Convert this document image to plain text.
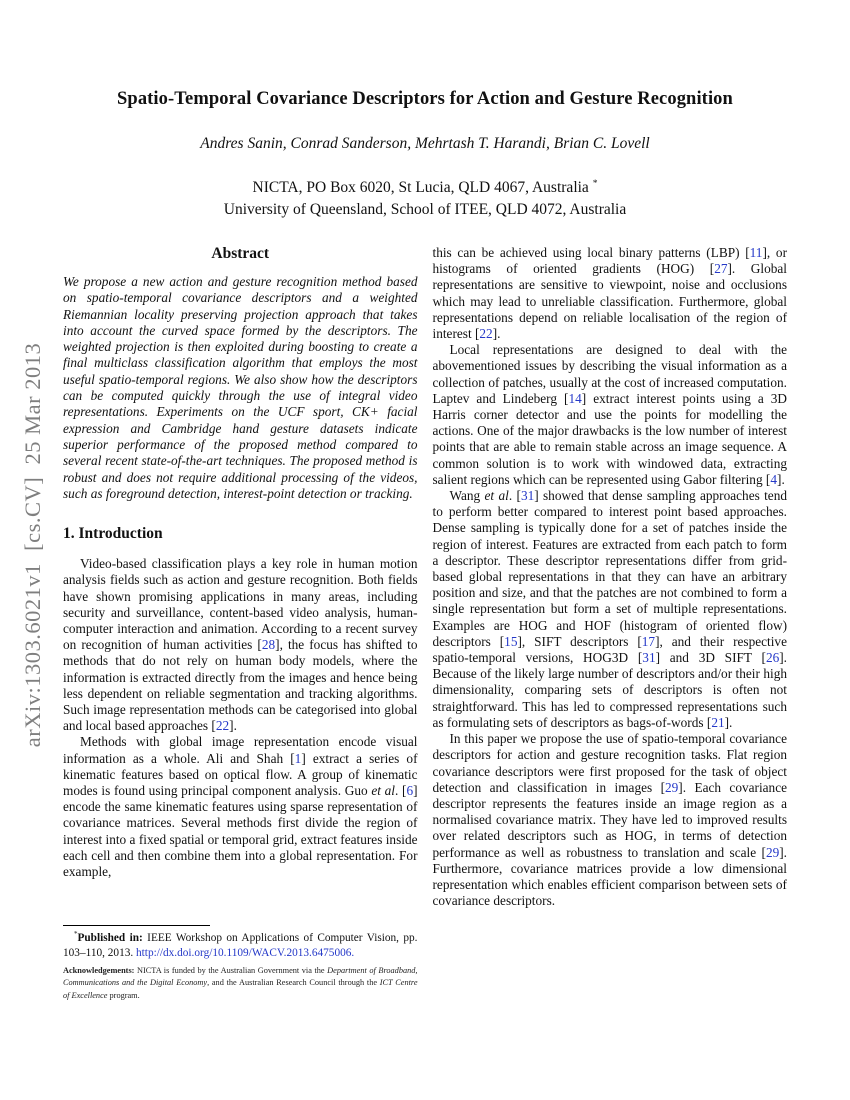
arXiv:1303.6021v1  [cs.CV]  25 Mar 2013
Spatio-Temporal Covariance Descriptors for Action and Gesture Recognition
Andres Sanin, Conrad Sanderson, Mehrtash T. Harandi, Brian C. Lovell
NICTA, PO Box 6020, St Lucia, QLD 4067, Australia *
University of Queensland, School of ITEE, QLD 4072, Australia
Abstract

We propose a new action and gesture recognition method based on spatio-temporal covariance descriptors and a weighted Riemannian locality preserving projection approach that takes into account the curved space formed by the descriptors. The weighted projection is then exploited during boosting to create a final multiclass classification algorithm that employs the most useful spatio-temporal regions. We also show how the descriptors can be computed quickly through the use of integral video representations. Experiments on the UCF sport, CK+ facial expression and Cambridge hand gesture datasets indicate superior performance of the proposed method compared to several recent state-of-the-art techniques. The proposed method is robust and does not require additional processing of the videos, such as foreground detection, interest-point detection or tracking.

1. Introduction

Video-based classification plays a key role in human motion analysis fields such as action and gesture recognition. Both fields have shown promising applications in many areas, including security and surveillance, content-based video analysis, human-computer interaction and animation. According to a recent survey on recognition of human activities [28], the focus has shifted to methods that do not rely on human body models, where the information is extracted directly from the images and hence being less dependent on reliable segmentation and tracking algorithms. Such image representation methods can be categorised into global and local based approaches [22].

Methods with global image representation encode visual information as a whole. Ali and Shah [1] extract a series of kinematic features based on optical flow. A group of kinematic modes is found using principal component analysis. Guo et al. [6] encode the same kinematic features using sparse representation of covariance matrices. Several methods first divide the region of interest into a fixed spatial or temporal grid, extract features inside each cell and then combine them into a global representation. For example,

*Published in: IEEE Workshop on Applications of Computer Vision, pp. 103–110, 2013. http://dx.doi.org/10.1109/WACV.2013.6475006.

Acknowledgements: NICTA is funded by the Australian Government via the Department of Broadband, Communications and the Digital Economy, and the Australian Research Council through the ICT Centre of Excellence program.

this can be achieved using local binary patterns (LBP) [11], or histograms of oriented gradients (HOG) [27]. Global representations are sensitive to viewpoint, noise and occlusions which may lead to unreliable classification. Furthermore, global representations depend on reliable localisation of the region of interest [22].

Local representations are designed to deal with the abovementioned issues by describing the visual information as a collection of patches, usually at the cost of increased computation. Laptev and Lindeberg [14] extract interest points using a 3D Harris corner detector and use the points for modelling the actions. One of the major drawbacks is the low number of interest points that are able to remain stable across an image sequence. A common solution is to work with windowed data, extracting salient regions which can be represented using Gabor filtering [4].

Wang et al. [31] showed that dense sampling approaches tend to perform better compared to interest point based approaches. Dense sampling is typically done for a set of patches inside the region of interest. Features are extracted from each patch to form a descriptor. These descriptor representations differ from grid-based global representations in that they can have an arbitrary position and size, and that the patches are not combined to form a single representation but form a set of multiple representations. Examples are HOG and HOF (histogram of oriented flow) descriptors [15], SIFT descriptors [17], and their respective spatio-temporal versions, HOG3D [31] and 3D SIFT [26]. Because of the likely large number of descriptors and/or their high dimensionality, comparing sets of descriptors is often not straightforward. This has led to compressed representations such as formulating sets of descriptors as bags-of-words [21].

In this paper we propose the use of spatio-temporal covariance descriptors for action and gesture recognition tasks. Flat region covariance descriptors were first proposed for the task of object detection and classification in images [29]. Each covariance descriptor represents the features inside an image region as a normalised covariance matrix. They have led to improved results over related descriptors such as HOG, in terms of detection performance as well as robustness to translation and scale [29]. Furthermore, covariance matrices provide a low dimensional representation which enables efficient comparison between sets of covariance descriptors.
